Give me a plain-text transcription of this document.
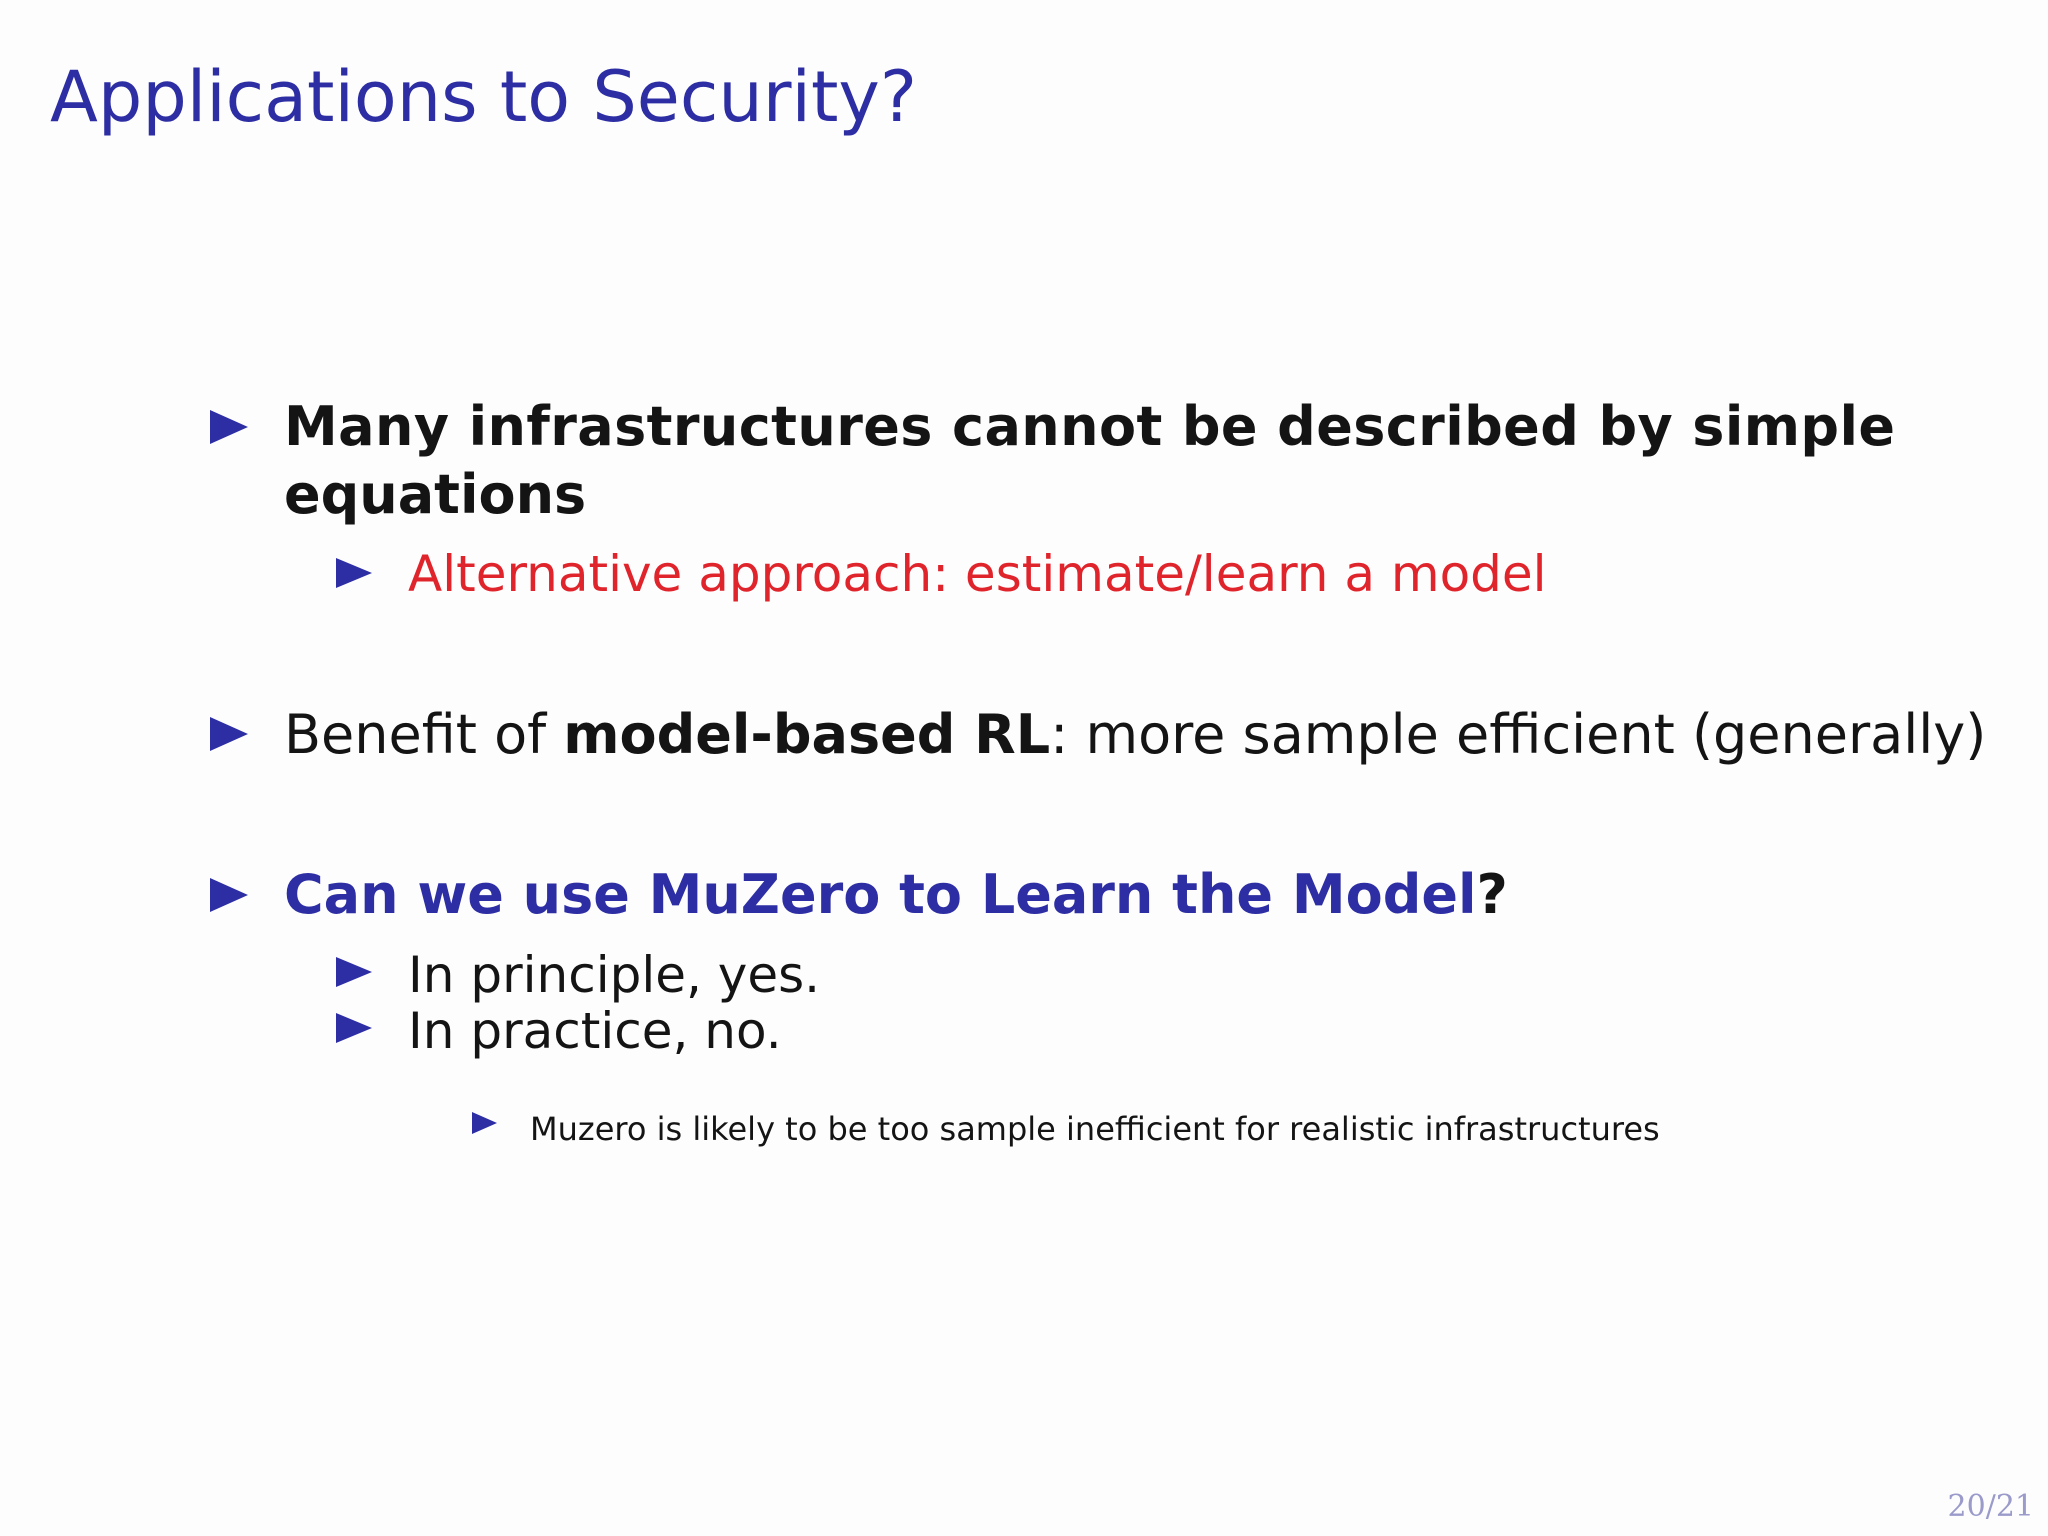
Applications to Security?
Many infrastructures cannot be described by simple
equations
Alternative approach: estimate/learn a model
Benefit of model-based RL: more sample efficient (generally)
Can we use MuZero to Learn the Model?
In principle, yes.
In practice, no.
Muzero is likely to be too sample inefficient for realistic infrastructures
20/21
